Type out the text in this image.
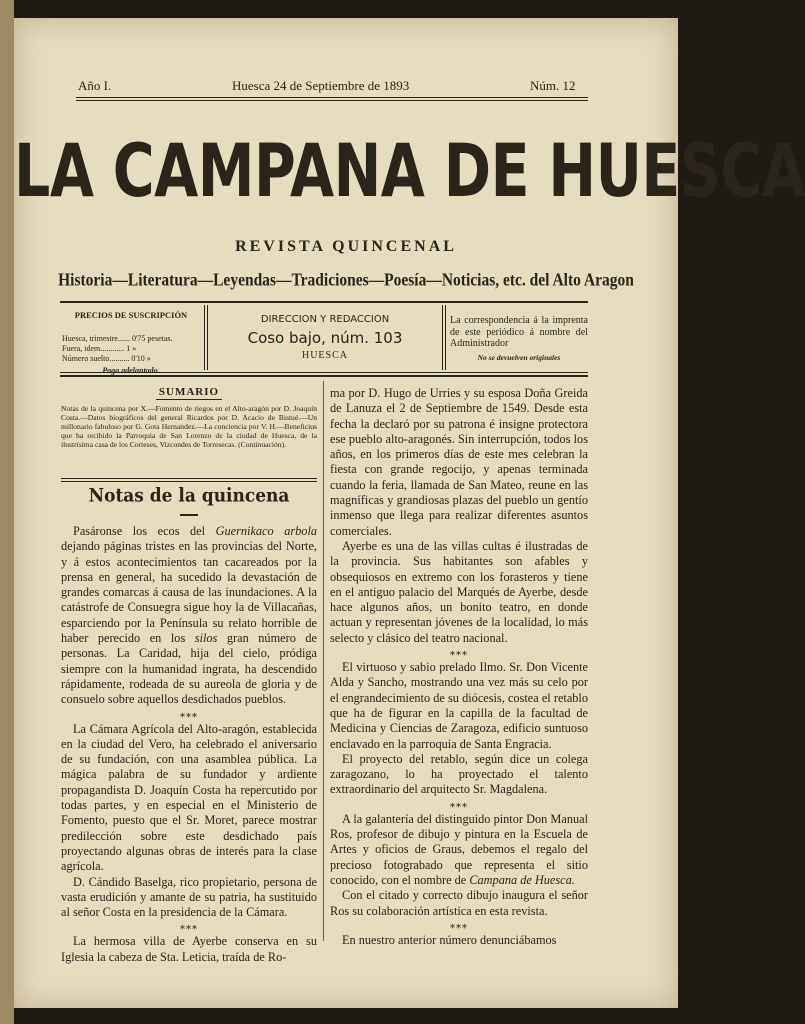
Año I.	Huesca 24 de Septiembre de 1893	Núm. 12
LA CAMPANA DE HUESCA
REVISTA QUINCENAL
Historia—Literatura—Leyendas—Tradiciones—Poesía—Noticias, etc. del Alto Aragon
PRECIOS DE SUSCRIPCIÓN
Huesca, trimestre...... 0'75 pesetas.
Fuera, idem............ 1 »
Número suelto.......... 0'10 »
Pago adelantado.
DIRECCION Y REDACCION
Coso bajo, núm. 103
HUESCA
La correspondencia á la imprenta de este periódico á nombre del Administrador
No se devuelven originales
SUMARIO
Notas de la quincena por X.—Fomento de riegos en el Alto-aragón por D. Joaquín Costa.—Datos biográficos del general Ricardos por D. Acacio de Bistué.—Un millonario fabuloso por G. Gota Hernandez.—La conciencia por V. H.—Beneficios que ha recibido la Parroquia de San Lorenzo de la ciudad de Huesca, de la ilustrísima casa de los Corteses, Vizcondes de Torresecas. (Continuación).
Notas de la quincena

Pasáronse los ecos del Guernikaco arbola dejando páginas tristes en las provincias del Norte, y á estos acontecimientos tan cacareados por la prensa en general, ha sucedido la devastación de grandes comarcas á causa de las inundaciones. A la catástrofe de Consuegra sigue hoy la de Villacañas, esparciendo por la Península su relato horrible de haber perecido en los silos gran número de personas. La Caridad, hija del cielo, pródiga siempre con la humanidad ingrata, ha descendido rápidamente, rodeada de su aureola de gloria y de consuelo sobre aquellos desdichados pueblos.

⁎⁎⁎

La Cámara Agrícola del Alto-aragón, establecida en la ciudad del Vero, ha celebrado el aniversario de su fundación, con una asamblea pública. La mágica palabra de su fundador y ardiente propagandista D. Joaquín Costa ha repercutido por todas partes, y en especial en el Ministerio de Fomento, puesto que el Sr. Moret, parece mostrar predilección sobre este desdichado país proyectando algunas obras de interés para la clase agrícola.

D. Cándido Baselga, rico propietario, persona de vasta erudición y amante de su patria, ha sustituido al señor Costa en la presidencia de la Cámara.

⁎⁎⁎

La hermosa villa de Ayerbe conserva en su Iglesia la cabeza de Sta. Leticia, traída de Ro-

ma por D. Hugo de Urries y su esposa Doña Greida de Lanuza el 2 de Septiembre de 1549. Desde esta fecha la declaró por su patrona é insigne protectora ese pueblo alto-aragonés. Sin interrupción, todos los años, en los primeros días de este mes celebran la fiesta con grande regocijo, y apenas terminada cuando la feria, llamada de San Mateo, reune en las magníficas y grandiosas plazas del pueblo un gentío inmenso que llega para realizar diferentes asuntos comerciales.

Ayerbe es una de las villas cultas é ilustradas de la provincia. Sus habitantes son afables y obsequiosos en extremo con los forasteros y tiene en el antiguo palacio del Marqués de Ayerbe, desde hace algunos años, un bonito teatro, en donde actuan y representan jóvenes de la localidad, lo más selecto y clásico del teatro nacional.

⁎⁎⁎

El virtuoso y sabio prelado Ilmo. Sr. Don Vicente Alda y Sancho, mostrando una vez más su celo por el engrandecimiento de su diócesis, costea el retablo que ha de figurar en la capilla de la facultad de Medicina y Ciencias de Zaragoza, edificio suntuoso enclavado en la parroquia de Santa Engracia.

El proyecto del retablo, según dice un colega zaragozano, lo ha proyectado el talento extraordinario del arquitecto Sr. Magdalena.

⁎⁎⁎

A la galantería del distinguido pintor Don Manual Ros, profesor de dibujo y pintura en la Escuela de Artes y oficios de Graus, debemos el regalo del precioso fotograbado que representa el sitio conocido, con el nombre de Campana de Huesca.

Con el citado y correcto dibujo inaugura el señor Ros su colaboración artística en esta revista.

⁎⁎⁎

En nuestro anterior número denunciábamos
